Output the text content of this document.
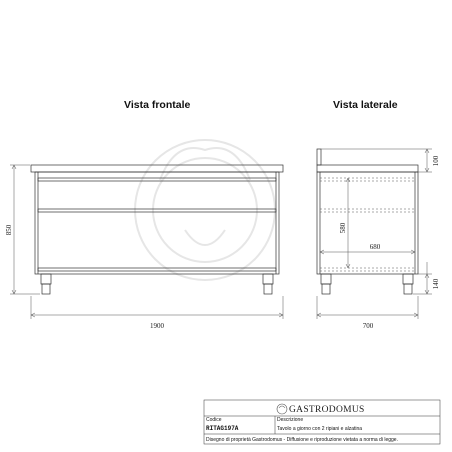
Vista frontale	Vista laterale
850
1900
100
580
680
140
700
GASTRODOMUS
Codice
RITAG197A
Descrizione
Tavolo a giorno con 2 ripiani e alzatina
Disegno di proprietà Gastrodomus - Diffusione e riproduzione vietata a norma di legge.
